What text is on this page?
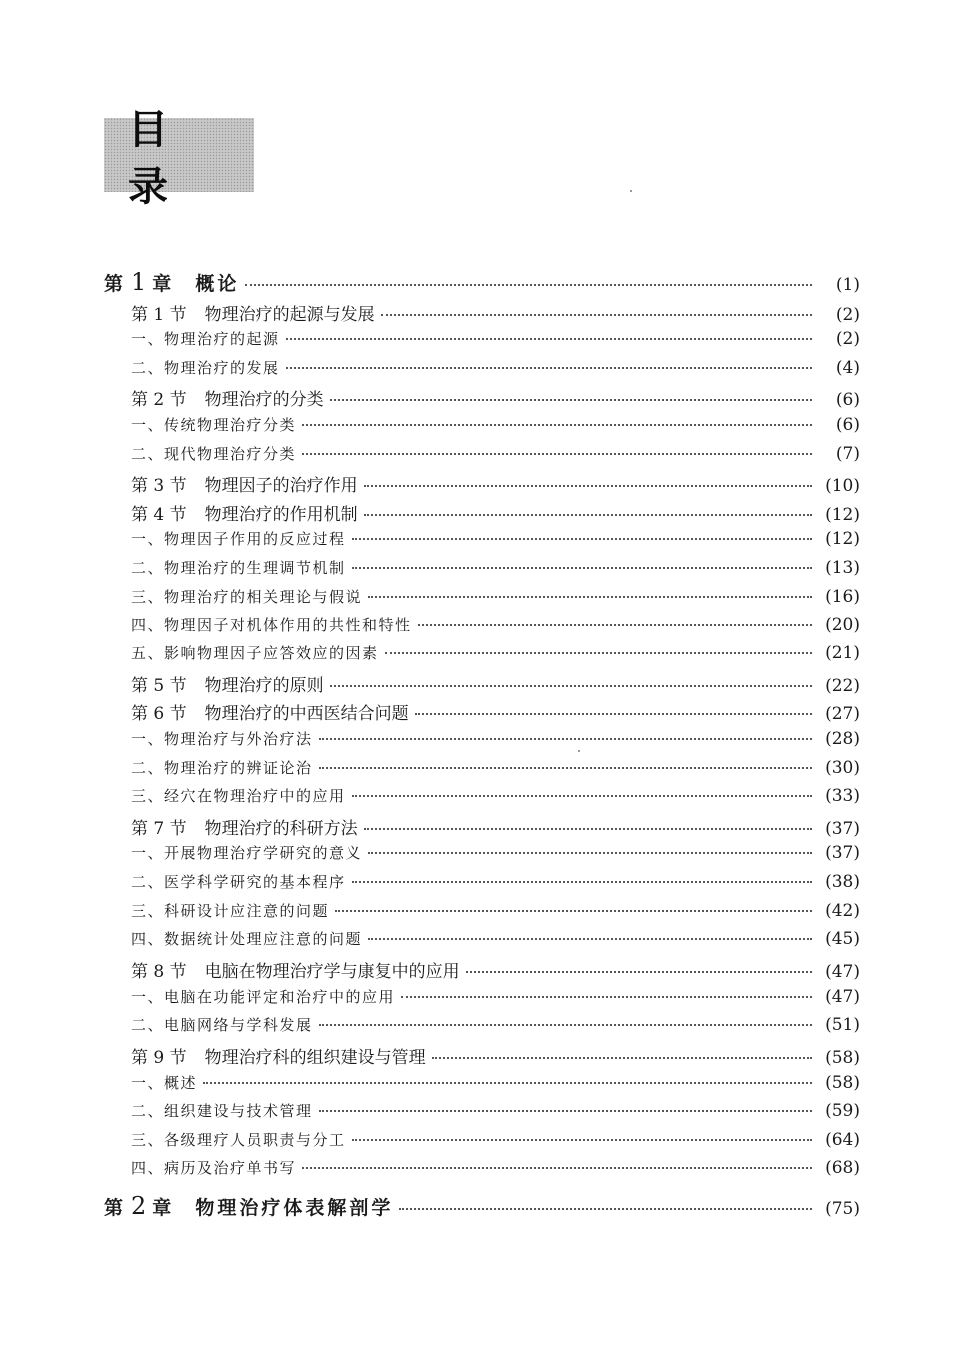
目 录
第 1 章 概论	(1)
第 1 节 物理治疗的起源与发展	(2)
一、物理治疗的起源	(2)
二、物理治疗的发展	(4)
第 2 节 物理治疗的分类	(6)
一、传统物理治疗分类	(6)
二、现代物理治疗分类	(7)
第 3 节 物理因子的治疗作用	(10)
第 4 节 物理治疗的作用机制	(12)
一、物理因子作用的反应过程	(12)
二、物理治疗的生理调节机制	(13)
三、物理治疗的相关理论与假说	(16)
四、物理因子对机体作用的共性和特性	(20)
五、影响物理因子应答效应的因素	(21)
第 5 节 物理治疗的原则	(22)
第 6 节 物理治疗的中西医结合问题	(27)
一、物理治疗与外治疗法	(28)
二、物理治疗的辨证论治	(30)
三、经穴在物理治疗中的应用	(33)
第 7 节 物理治疗的科研方法	(37)
一、开展物理治疗学研究的意义	(37)
二、医学科学研究的基本程序	(38)
三、科研设计应注意的问题	(42)
四、数据统计处理应注意的问题	(45)
第 8 节 电脑在物理治疗学与康复中的应用	(47)
一、电脑在功能评定和治疗中的应用	(47)
二、电脑网络与学科发展	(51)
第 9 节 物理治疗科的组织建设与管理	(58)
一、概述	(58)
二、组织建设与技术管理	(59)
三、各级理疗人员职责与分工	(64)
四、病历及治疗单书写	(68)
第 2 章 物理治疗体表解剖学	(75)
